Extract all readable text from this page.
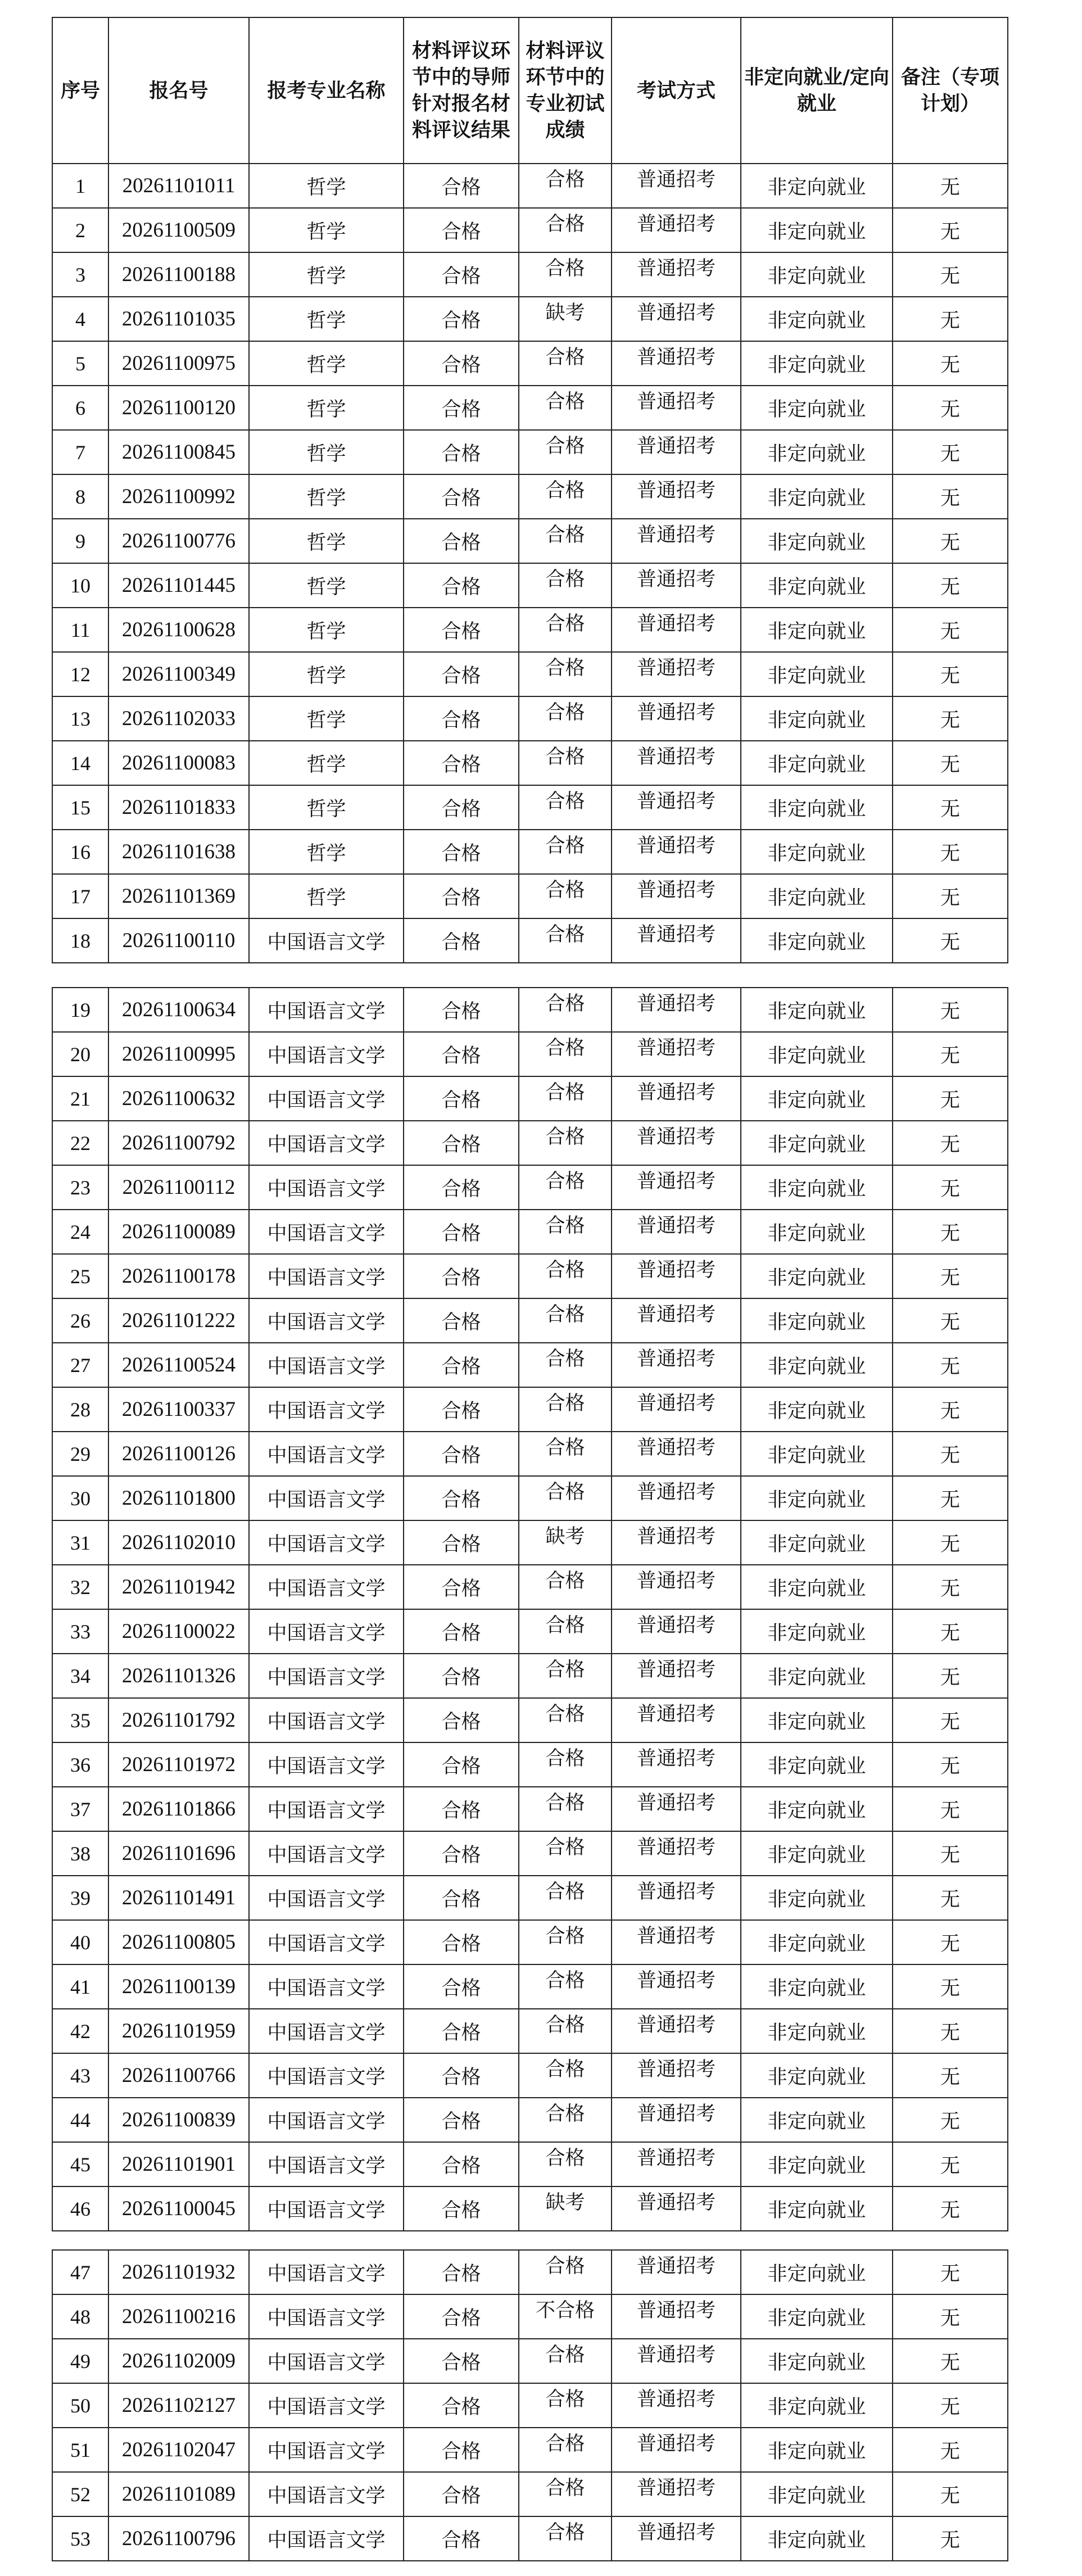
序号	报名号	报考专业名称	材料评议环节中的导师针对报名材料评议结果	材料评议环节中的专业初试成绩	考试方式	非定向就业/定向就业	备注（专项计划）
1	20261101011	哲学	合格	合格	普通招考	非定向就业	无
2	20261100509	哲学	合格	合格	普通招考	非定向就业	无
3	20261100188	哲学	合格	合格	普通招考	非定向就业	无
4	20261101035	哲学	合格	缺考	普通招考	非定向就业	无
5	20261100975	哲学	合格	合格	普通招考	非定向就业	无
6	20261100120	哲学	合格	合格	普通招考	非定向就业	无
7	20261100845	哲学	合格	合格	普通招考	非定向就业	无
8	20261100992	哲学	合格	合格	普通招考	非定向就业	无
9	20261100776	哲学	合格	合格	普通招考	非定向就业	无
10	20261101445	哲学	合格	合格	普通招考	非定向就业	无
11	20261100628	哲学	合格	合格	普通招考	非定向就业	无
12	20261100349	哲学	合格	合格	普通招考	非定向就业	无
13	20261102033	哲学	合格	合格	普通招考	非定向就业	无
14	20261100083	哲学	合格	合格	普通招考	非定向就业	无
15	20261101833	哲学	合格	合格	普通招考	非定向就业	无
16	20261101638	哲学	合格	合格	普通招考	非定向就业	无
17	20261101369	哲学	合格	合格	普通招考	非定向就业	无
18	20261100110	中国语言文学	合格	合格	普通招考	非定向就业	无
19	20261100634	中国语言文学	合格	合格	普通招考	非定向就业	无
20	20261100995	中国语言文学	合格	合格	普通招考	非定向就业	无
21	20261100632	中国语言文学	合格	合格	普通招考	非定向就业	无
22	20261100792	中国语言文学	合格	合格	普通招考	非定向就业	无
23	20261100112	中国语言文学	合格	合格	普通招考	非定向就业	无
24	20261100089	中国语言文学	合格	合格	普通招考	非定向就业	无
25	20261100178	中国语言文学	合格	合格	普通招考	非定向就业	无
26	20261101222	中国语言文学	合格	合格	普通招考	非定向就业	无
27	20261100524	中国语言文学	合格	合格	普通招考	非定向就业	无
28	20261100337	中国语言文学	合格	合格	普通招考	非定向就业	无
29	20261100126	中国语言文学	合格	合格	普通招考	非定向就业	无
30	20261101800	中国语言文学	合格	合格	普通招考	非定向就业	无
31	20261102010	中国语言文学	合格	缺考	普通招考	非定向就业	无
32	20261101942	中国语言文学	合格	合格	普通招考	非定向就业	无
33	20261100022	中国语言文学	合格	合格	普通招考	非定向就业	无
34	20261101326	中国语言文学	合格	合格	普通招考	非定向就业	无
35	20261101792	中国语言文学	合格	合格	普通招考	非定向就业	无
36	20261101972	中国语言文学	合格	合格	普通招考	非定向就业	无
37	20261101866	中国语言文学	合格	合格	普通招考	非定向就业	无
38	20261101696	中国语言文学	合格	合格	普通招考	非定向就业	无
39	20261101491	中国语言文学	合格	合格	普通招考	非定向就业	无
40	20261100805	中国语言文学	合格	合格	普通招考	非定向就业	无
41	20261100139	中国语言文学	合格	合格	普通招考	非定向就业	无
42	20261101959	中国语言文学	合格	合格	普通招考	非定向就业	无
43	20261100766	中国语言文学	合格	合格	普通招考	非定向就业	无
44	20261100839	中国语言文学	合格	合格	普通招考	非定向就业	无
45	20261101901	中国语言文学	合格	合格	普通招考	非定向就业	无
46	20261100045	中国语言文学	合格	缺考	普通招考	非定向就业	无
47	20261101932	中国语言文学	合格	合格	普通招考	非定向就业	无
48	20261100216	中国语言文学	合格	不合格	普通招考	非定向就业	无
49	20261102009	中国语言文学	合格	合格	普通招考	非定向就业	无
50	20261102127	中国语言文学	合格	合格	普通招考	非定向就业	无
51	20261102047	中国语言文学	合格	合格	普通招考	非定向就业	无
52	20261101089	中国语言文学	合格	合格	普通招考	非定向就业	无
53	20261100796	中国语言文学	合格	合格	普通招考	非定向就业	无
